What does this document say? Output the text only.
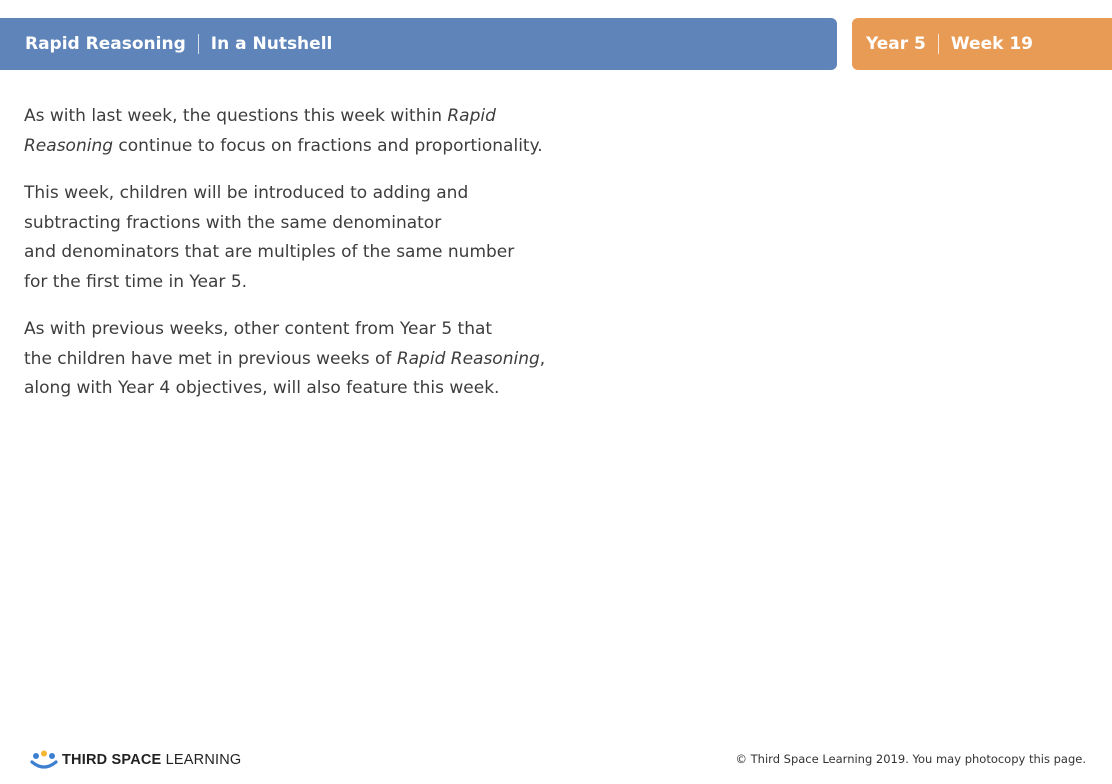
Rapid Reasoning In a Nutshell	Year 5 Week 19

As with last week, the questions this week within Rapid
Reasoning continue to focus on fractions and proportionality.

This week, children will be introduced to adding and
subtracting fractions with the same denominator
and denominators that are multiples of the same number
for the first time in Year 5.

As with previous weeks, other content from Year 5 that
the children have met in previous weeks of Rapid Reasoning,
along with Year 4 objectives, will also feature this week.

THIRD SPACE LEARNING	© Third Space Learning 2019. You may photocopy this page.
